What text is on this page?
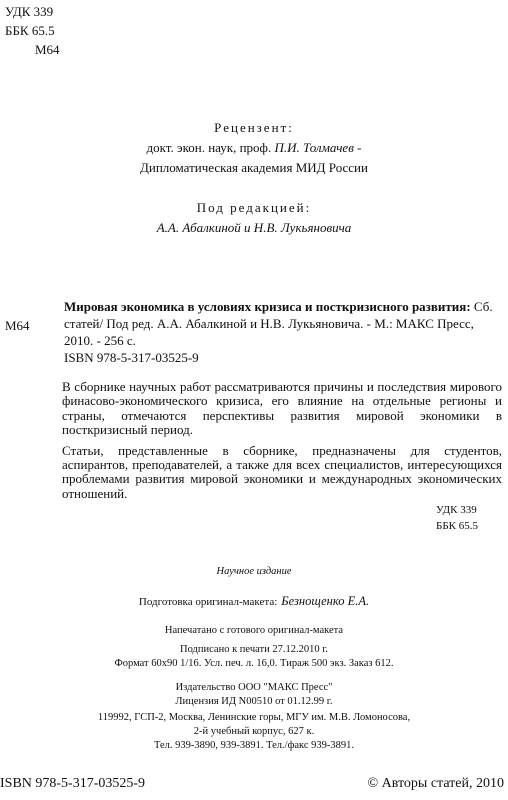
УДК 339
ББК 65.5
М64
Рецензент:
докт. экон. наук, проф. П.И. Толмачев -
Дипломатическая академия МИД России
Под редакцией:
А.А. Абалкиной и Н.В. Лукьяновича
М64

Мировая экономика в условиях кризиса и посткризисного развития: Сб. статей/ Под ред. А.А. Абалкиной и Н.В. Лукьяновича. - М.: МАКС Пресс, 2010. - 256 с.

ISBN 978-5-317-03525-9

В сборнике научных работ рассматриваются причины и последствия мирового финасово-экономического кризиса, его влияние на отдельные регионы и страны, отмечаются перспективы развития мировой экономики в посткризисный период.

Статьи, представленные в сборнике, предназначены для студентов, аспирантов, преподавателей, а также для всех специалистов, интересующихся проблемами развития мировой экономики и международных экономических отношений.

УДК 339
ББК 65.5
Научное издание
Подготовка оригинал-макета: Безнощенко Е.А.
Напечатано с готового оригинал-макета
Подписано к печати 27.12.2010 г.
Формат 60х90 1/16. Усл. печ. л. 16,0. Тираж 500 экз. Заказ 612.
Издательство ООО "МАКС Пресс"
Лицензия ИД N00510 от 01.12.99 г.
119992, ГСП-2, Москва, Ленинские горы, МГУ им. М.В. Ломоносова,
2-й учебный корпус, 627 к.
Тел. 939-3890, 939-3891. Тел./факс 939-3891.
ISBN 978-5-317-03525-9	© Авторы статей, 2010
